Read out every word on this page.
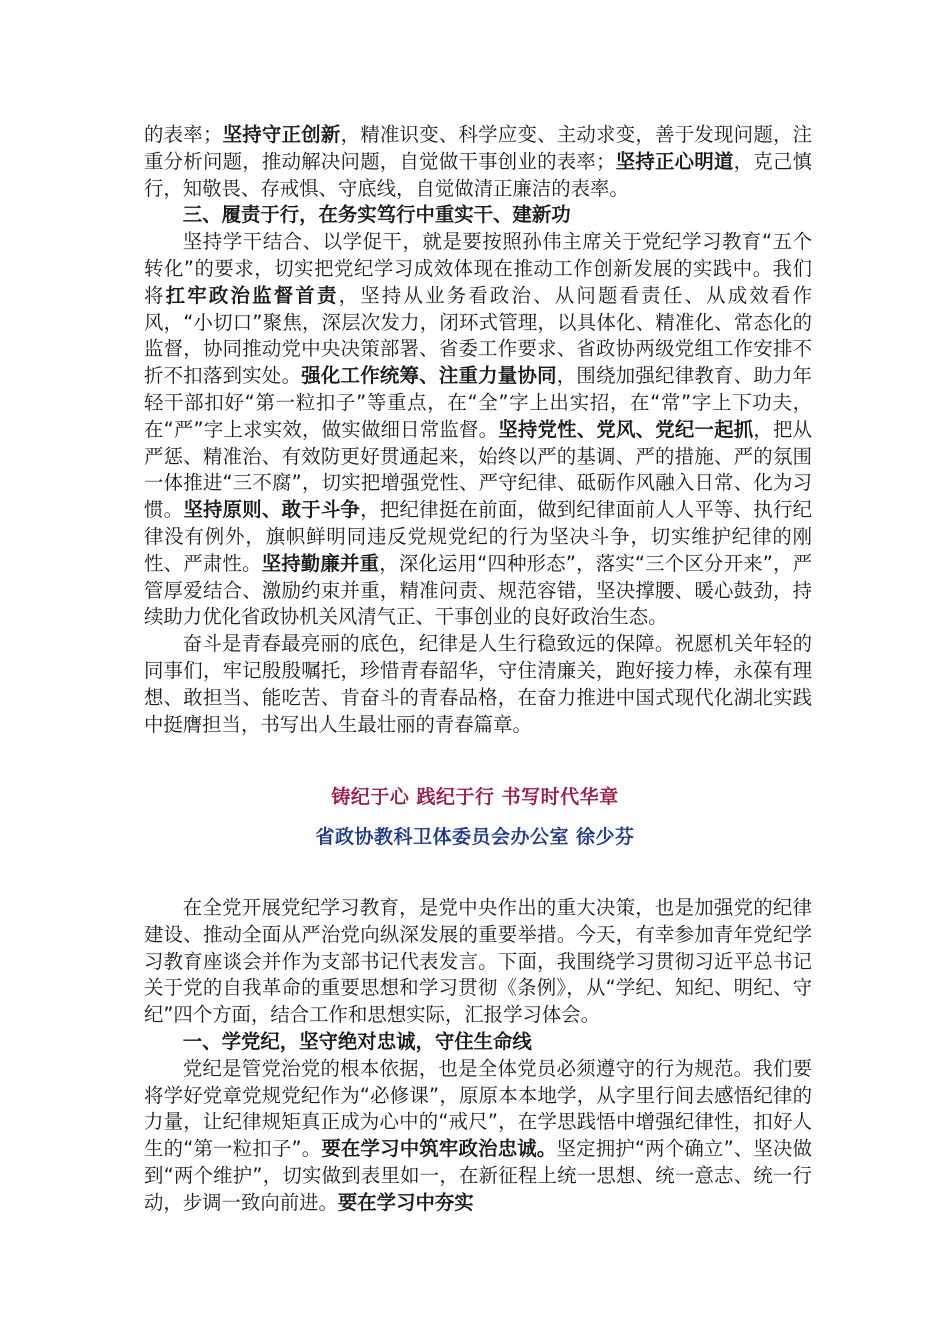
的表率；坚持守正创新，精准识变、科学应变、主动求变，善于发现问题，注重分析问题，推动解决问题，自觉做干事创业的表率；坚持正心明道，克己慎行，知敬畏、存戒惧、守底线，自觉做清正廉洁的表率。

三、履责于行，在务实笃行中重实干、建新功

坚持学干结合、以学促干，就是要按照孙伟主席关于党纪学习教育“五个转化”的要求，切实把党纪学习成效体现在推动工作创新发展的实践中。我们将扛牢政治监督首责，坚持从业务看政治、从问题看责任、从成效看作风，“小切口”聚焦，深层次发力，闭环式管理，以具体化、精准化、常态化的监督，协同推动党中央决策部署、省委工作要求、省政协两级党组工作安排不折不扣落到实处。强化工作统筹、注重力量协同，围绕加强纪律教育、助力年轻干部扣好“第一粒扣子”等重点，在“全”字上出实招，在“常”字上下功夫，在“严”字上求实效，做实做细日常监督。坚持党性、党风、党纪一起抓，把从严惩、精准治、有效防更好贯通起来，始终以严的基调、严的措施、严的氛围一体推进“三不腐”，切实把增强党性、严守纪律、砥砺作风融入日常、化为习惯。坚持原则、敢于斗争，把纪律挺在前面，做到纪律面前人人平等、执行纪律没有例外，旗帜鲜明同违反党规党纪的行为坚决斗争，切实维护纪律的刚性、严肃性。坚持勤廉并重，深化运用“四种形态”，落实“三个区分开来”，严管厚爱结合、激励约束并重，精准问责、规范容错，坚决撑腰、暖心鼓劲，持续助力优化省政协机关风清气正、干事创业的良好政治生态。

奋斗是青春最亮丽的底色，纪律是人生行稳致远的保障。祝愿机关年轻的同事们，牢记殷殷嘱托，珍惜青春韶华，守住清廉关，跑好接力棒，永葆有理想、敢担当、能吃苦、肯奋斗的青春品格，在奋力推进中国式现代化湖北实践中挺膺担当，书写出人生最壮丽的青春篇章。

铸纪于心 践纪于行 书写时代华章
省政协教科卫体委员会办公室 徐少芬

在全党开展党纪学习教育，是党中央作出的重大决策，也是加强党的纪律建设、推动全面从严治党向纵深发展的重要举措。今天，有幸参加青年党纪学习教育座谈会并作为支部书记代表发言。下面，我围绕学习贯彻习近平总书记关于党的自我革命的重要思想和学习贯彻《条例》，从“学纪、知纪、明纪、守纪”四个方面，结合工作和思想实际，汇报学习体会。

一、学党纪，坚守绝对忠诚，守住生命线

党纪是管党治党的根本依据，也是全体党员必须遵守的行为规范。我们要将学好党章党规党纪作为“必修课”，原原本本地学，从字里行间去感悟纪律的力量，让纪律规矩真正成为心中的“戒尺”，在学思践悟中增强纪律性，扣好人生的“第一粒扣子”。要在学习中筑牢政治忠诚。坚定拥护“两个确立”、坚决做到“两个维护”，切实做到表里如一，在新征程上统一思想、统一意志、统一行动，步调一致向前进。要在学习中夯实
